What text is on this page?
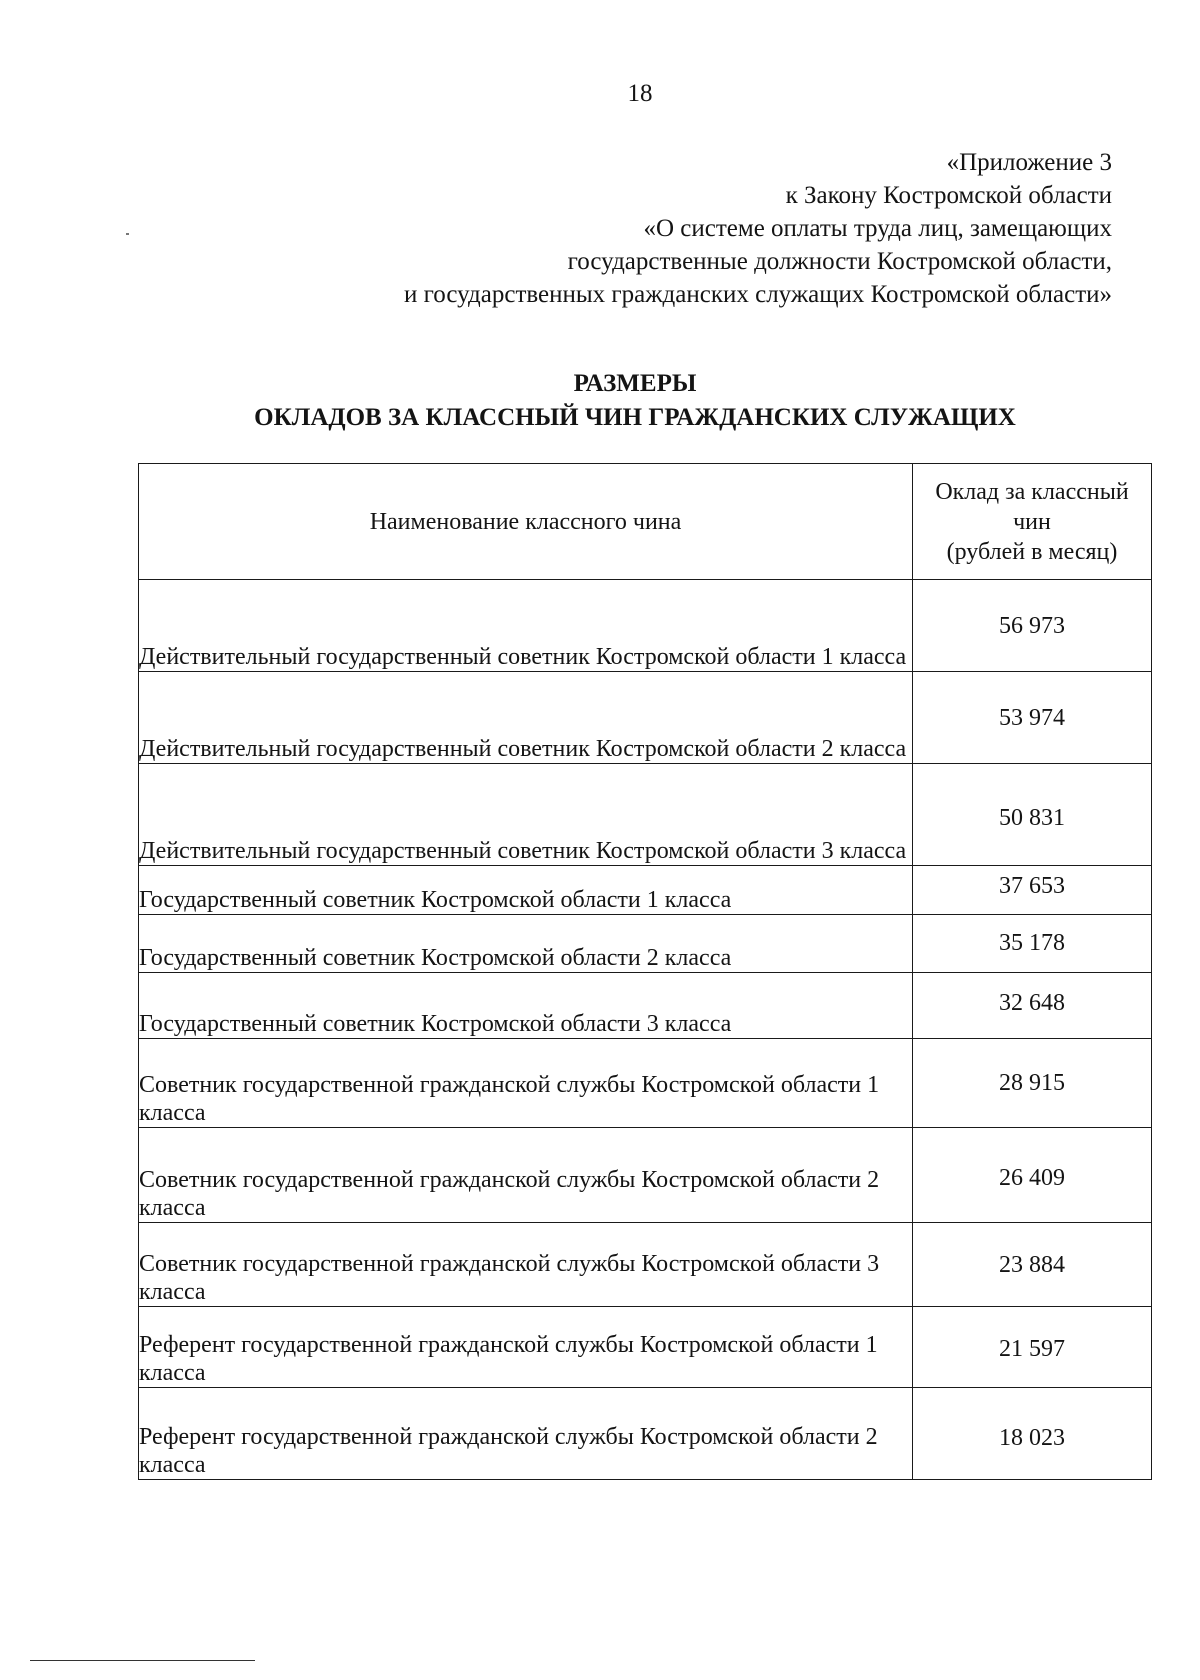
18
«Приложение 3
к Закону Костромской области
«О системе оплаты труда лиц, замещающих
государственные должности Костромской области,
и государственных гражданских служащих Костромской области»
РАЗМЕРЫ
ОКЛАДОВ ЗА КЛАССНЫЙ ЧИН ГРАЖДАНСКИХ СЛУЖАЩИХ
Наименование классного чина	Оклад за классный
чин
(рублей в месяц)

Действительный государственный советник Костромской области 1 класса	56 973
Действительный государственный советник Костромской области 2 класса	53 974
Действительный государственный советник Костромской области 3 класса	50 831
Государственный советник Костромской области 1 класса	37 653
Государственный советник Костромской области 2 класса	35 178
Государственный советник Костромской области 3 класса	32 648
Советник государственной гражданской службы Костромской области 1 класса	28 915
Советник государственной гражданской службы Костромской области 2 класса	26 409
Советник государственной гражданской службы Костромской области 3 класса	23 884
Референт государственной гражданской службы Костромской области 1 класса	21 597
Референт государственной гражданской службы Костромской области 2 класса	18 023
